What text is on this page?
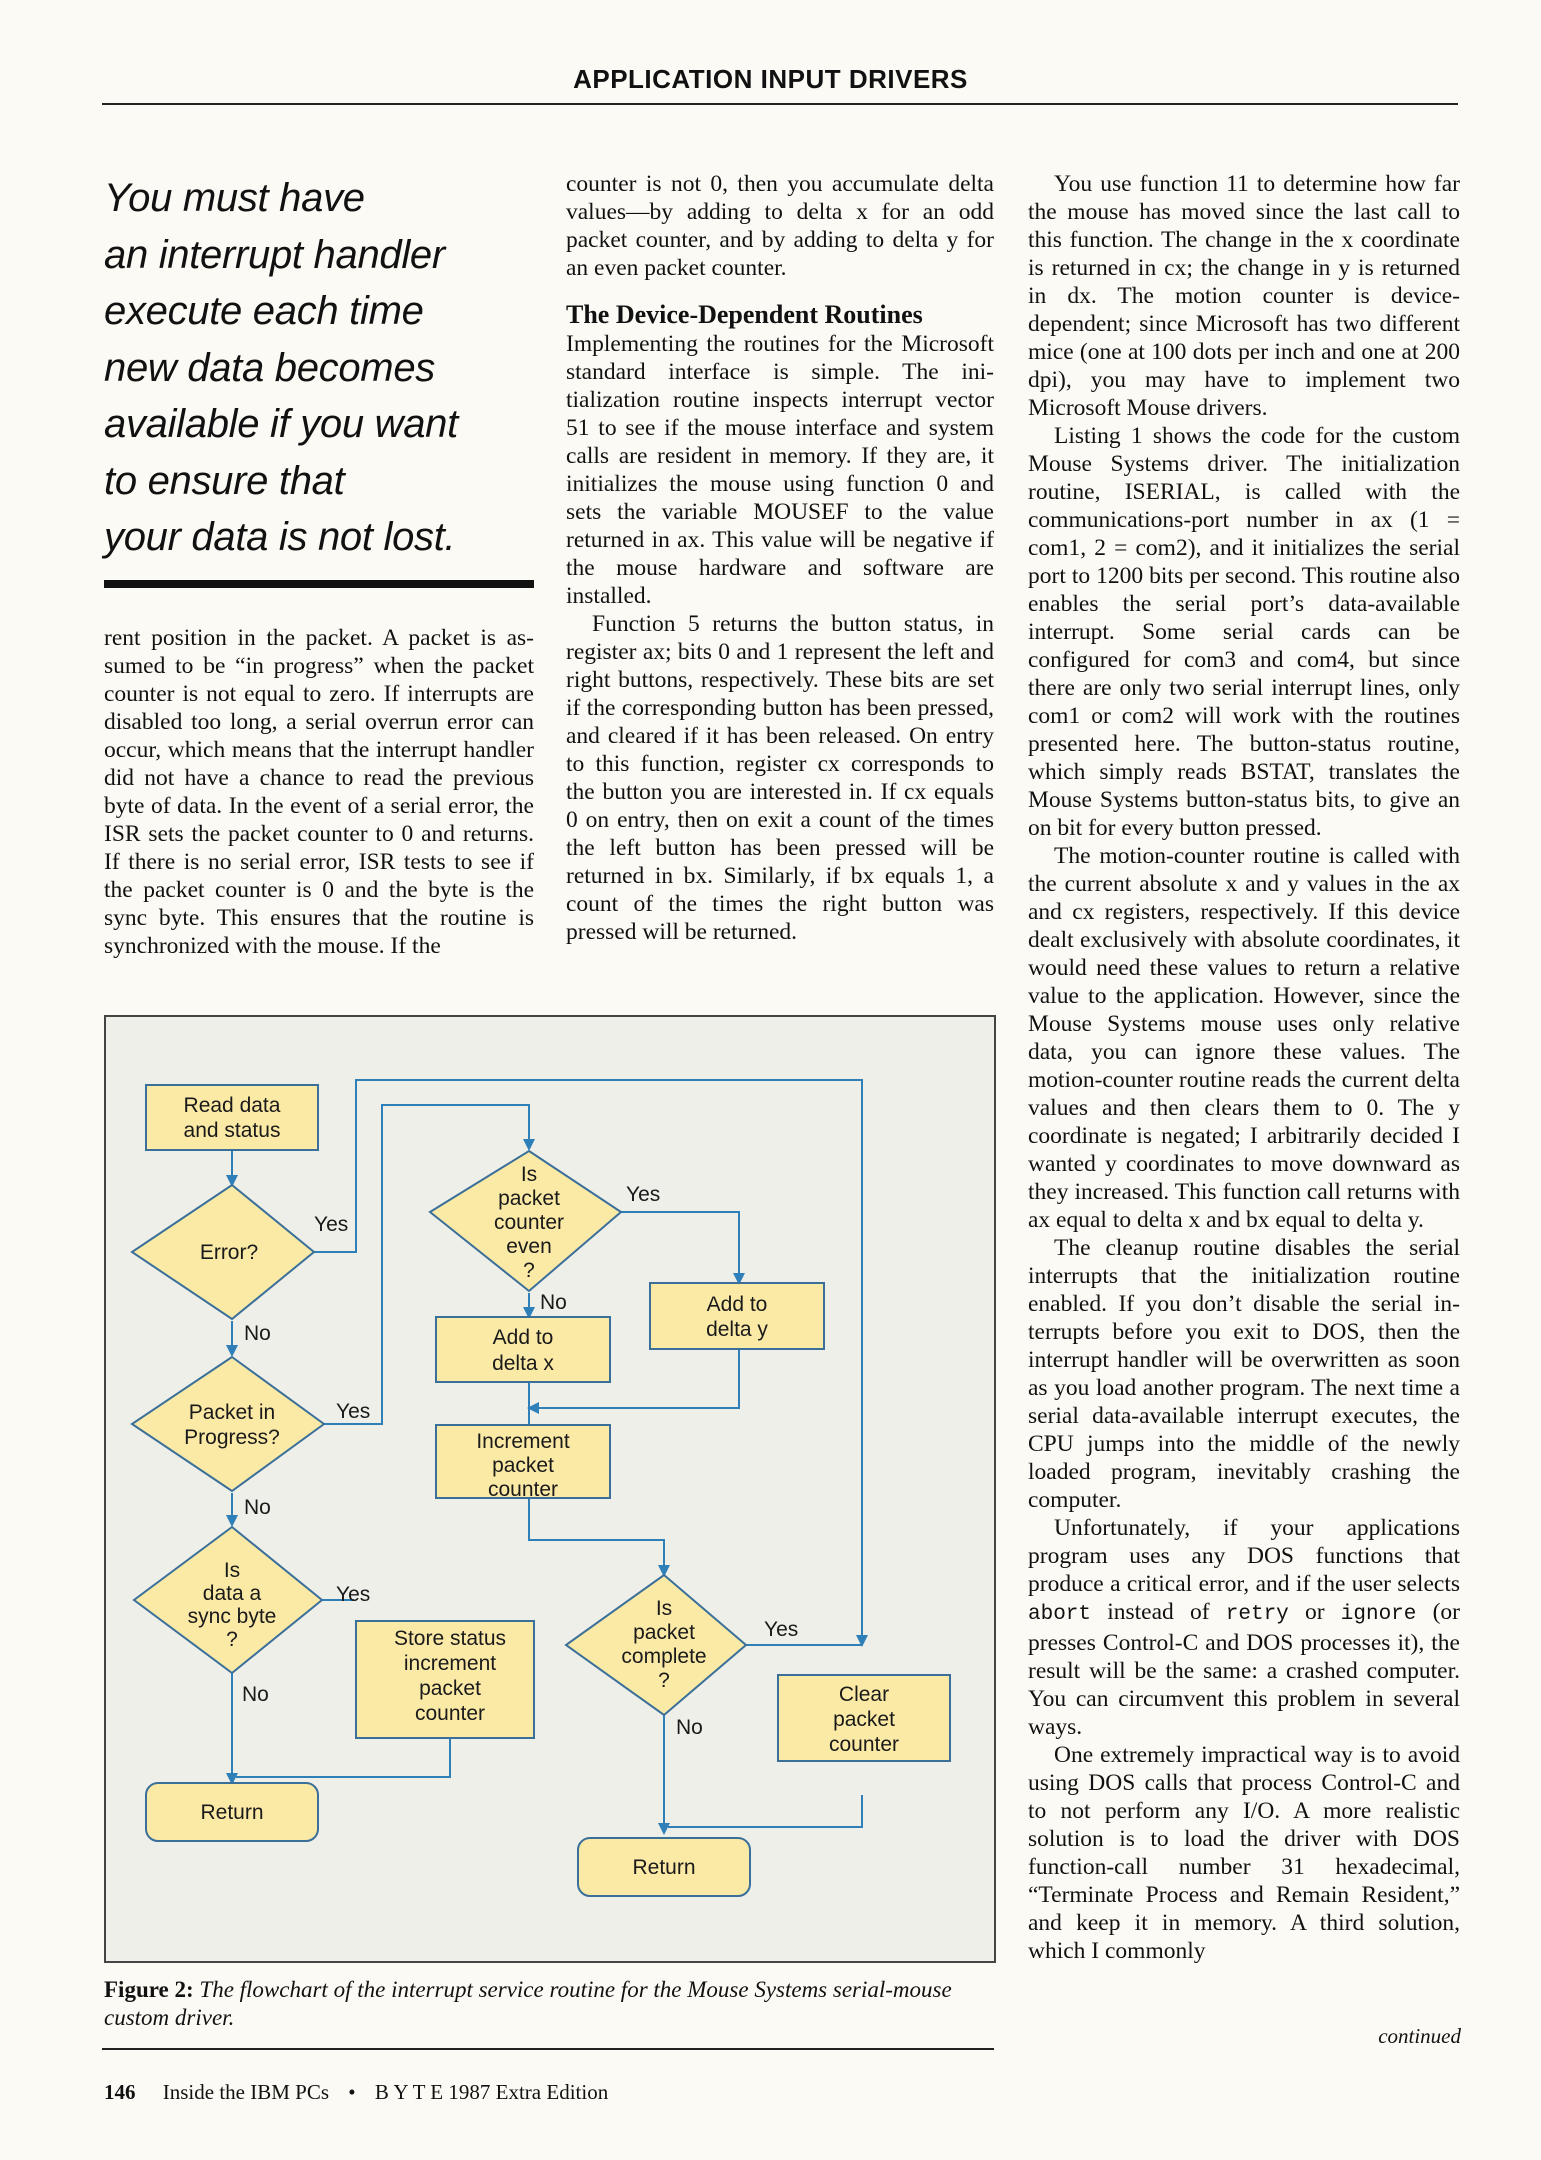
APPLICATION INPUT DRIVERS
You must have
an interrupt handler
execute each time
new data becomes
available if you want
to ensure that
your data is not lost.

rent position in the packet. A packet is assumed to be “in progress” when the packet counter is not equal to zero. If interrupts are disabled too long, a serial overrun error can occur, which means that the interrupt handler did not have a chance to read the previous byte of data. In the event of a serial error, the ISR sets the packet counter to 0 and returns. If there is no serial error, ISR tests to see if the packet counter is 0 and the byte is the sync byte. This ensures that the routine is synchronized with the mouse. If the

counter is not 0, then you accumulate delta values—by adding to delta x for an odd packet counter, and by adding to delta y for an even packet counter.

The Device-Dependent Routines

Implementing the routines for the Microsoft standard interface is simple. The initialization routine inspects interrupt vector 51 to see if the mouse interface and system calls are resident in memory. If they are, it initializes the mouse using function 0 and sets the variable MOUSEF to the value returned in ax. This value will be negative if the mouse hardware and software are installed.

Function 5 returns the button status, in register ax; bits 0 and 1 represent the left and right buttons, respectively. These bits are set if the corresponding button has been pressed, and cleared if it has been released. On entry to this function, register cx corresponds to the button you are interested in. If cx equals 0 on entry, then on exit a count of the times the left button has been pressed will be returned in bx. Similarly, if bx equals 1, a count of the times the right button was pressed will be returned.

You use function 11 to determine how far the mouse has moved since the last call to this function. The change in the x coordinate is returned in cx; the change in y is returned in dx. The motion counter is device-dependent; since Microsoft has two different mice (one at 100 dots per inch and one at 200 dpi), you may have to implement two Microsoft Mouse drivers.

Listing 1 shows the code for the custom Mouse Systems driver. The initialization routine, ISERIAL, is called with the communications-port number in ax (1 = com1, 2 = com2), and it initializes the serial port to 1200 bits per second. This routine also enables the serial port’s data-available interrupt. Some serial cards can be configured for com3 and com4, but since there are only two serial interrupt lines, only com1 or com2 will work with the routines presented here. The button-status routine, which simply reads BSTAT, translates the Mouse Systems button-status bits, to give an on bit for every button pressed.

The motion-counter routine is called with the current absolute x and y values in the ax and cx registers, respectively. If this device dealt exclusively with absolute coordinates, it would need these values to return a relative value to the application. However, since the Mouse Systems mouse uses only relative data, you can ignore these values. The motion-counter routine reads the current delta values and then clears them to 0. The y coordinate is negated; I arbitrarily decided I wanted y coordinates to move downward as they increased. This function call returns with ax equal to delta x and bx equal to delta y.

The cleanup routine disables the serial interrupts that the initialization routine enabled. If you don’t disable the serial interrupts before you exit to DOS, then the interrupt handler will be overwritten as soon as you load another program. The next time a serial data-available interrupt executes, the CPU jumps into the middle of the newly loaded program, inevitably crashing the computer.

Unfortunately, if your applications program uses any DOS functions that produce a critical error, and if the user selects abort instead of retry or ignore (or presses Control-C and DOS processes it), the result will be the same: a crashed computer. You can circumvent this problem in several ways.

One extremely impractical way is to avoid using DOS calls that process Control-C and to not perform any I/O. A more realistic solution is to load the driver with DOS function-call number 31 hexadecimal, “Terminate Process and Remain Resident,” and keep it in memory. A third solution, which I commonly

continued
Read data
and status
Error?
Yes
No
Packet in
Progress?
Yes
No
Is
data a
sync byte
?
Yes
No
Store status
increment
packet
counter
Return
Is
packet
counter
even
?
Yes
No
Add to
delta x
Add to
delta y
Increment
packet
counter
Is
packet
complete
?
Yes
No
Clear
packet
counter
Return
Figure 2: The flowchart of the interrupt service routine for the Mouse Systems serial-mouse custom driver.
146 Inside the IBM PCs • B Y T E 1987 Extra Edition
